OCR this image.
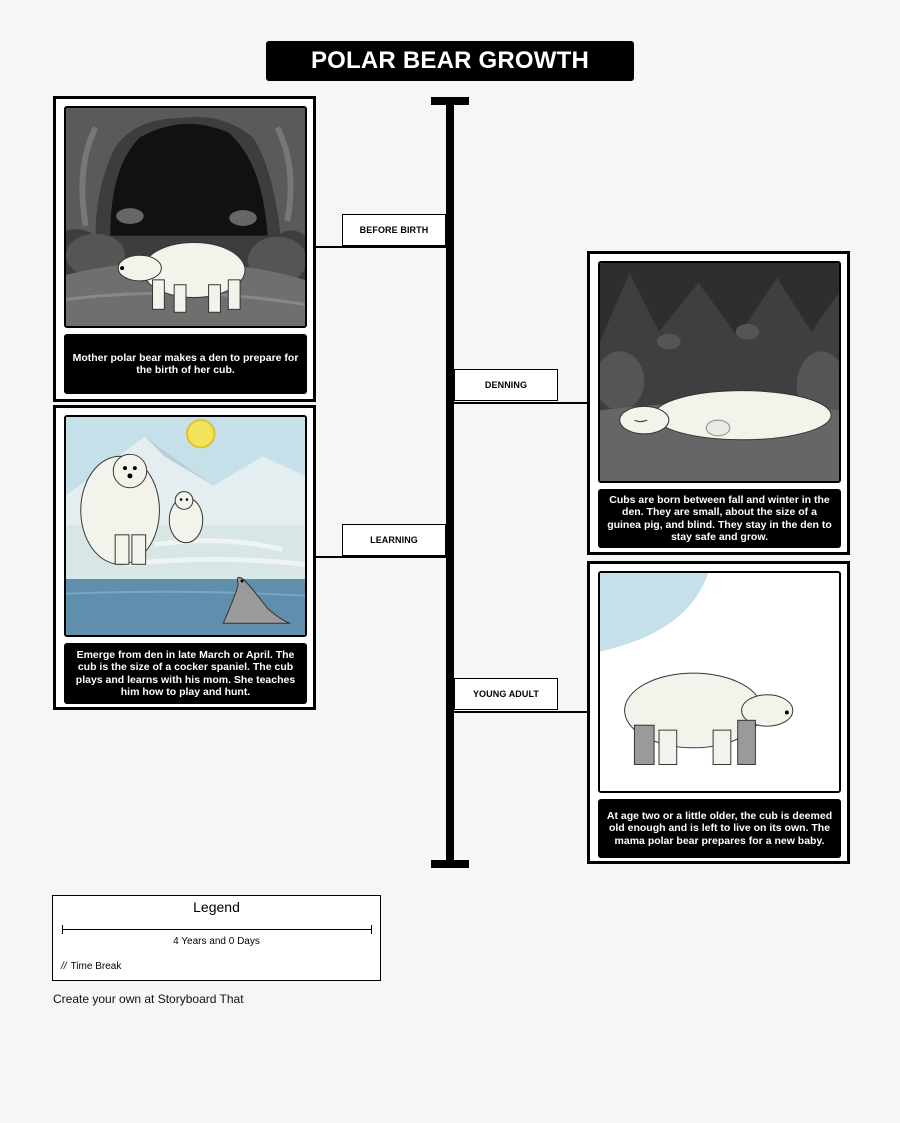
POLAR BEAR GROWTH
BEFORE BIRTH
DENNING
LEARNING
YOUNG ADULT
Mother polar bear makes a den to prepare for the birth of her cub.
Cubs are born between fall and winter in the den. They are small, about the size of a guinea pig, and blind. They stay in the den to stay safe and grow.
Emerge from den in late March or April. The cub is the size of a cocker spaniel. The cub plays and learns with his mom. She teaches him how to play and hunt.
At age two or a little older, the cub is deemed old enough and is left to live on its own. The mama polar bear prepares for a new baby.
Legend
4 Years and 0 Days
// Time Break
Create your own at Storyboard That
